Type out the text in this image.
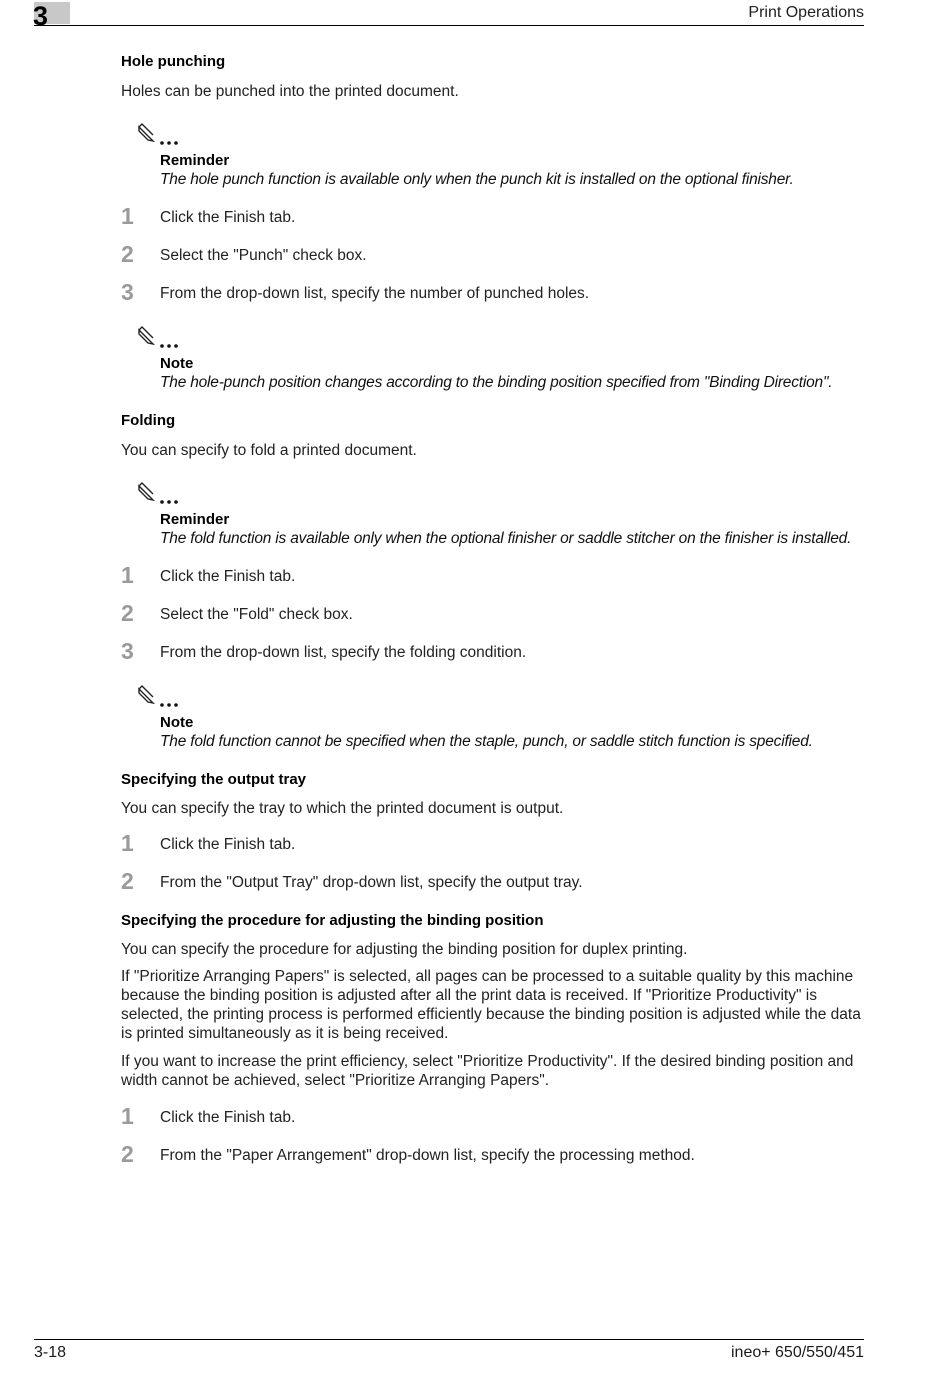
3	Print Operations
Hole punching
Holes can be punched into the printed document.
Reminder
The hole punch function is available only when the punch kit is installed on the optional finisher.
1 Click the Finish tab.
2 Select the "Punch" check box.
3 From the drop-down list, specify the number of punched holes.
Note
The hole-punch position changes according to the binding position specified from "Binding Direction".
Folding
You can specify to fold a printed document.
Reminder
The fold function is available only when the optional finisher or saddle stitcher on the finisher is installed.
1 Click the Finish tab.
2 Select the "Fold" check box.
3 From the drop-down list, specify the folding condition.
Note
The fold function cannot be specified when the staple, punch, or saddle stitch function is specified.
Specifying the output tray
You can specify the tray to which the printed document is output.
1 Click the Finish tab.
2 From the "Output Tray" drop-down list, specify the output tray.
Specifying the procedure for adjusting the binding position
You can specify the procedure for adjusting the binding position for duplex printing.
If "Prioritize Arranging Papers" is selected, all pages can be processed to a suitable quality by this machine because the binding position is adjusted after all the print data is received. If "Prioritize Productivity" is selected, the printing process is performed efficiently because the binding position is adjusted while the data is printed simultaneously as it is being received.
If you want to increase the print efficiency, select "Prioritize Productivity". If the desired binding position and width cannot be achieved, select "Prioritize Arranging Papers".
1 Click the Finish tab.
2 From the "Paper Arrangement" drop-down list, specify the processing method.
3-18	ineo+ 650/550/451
